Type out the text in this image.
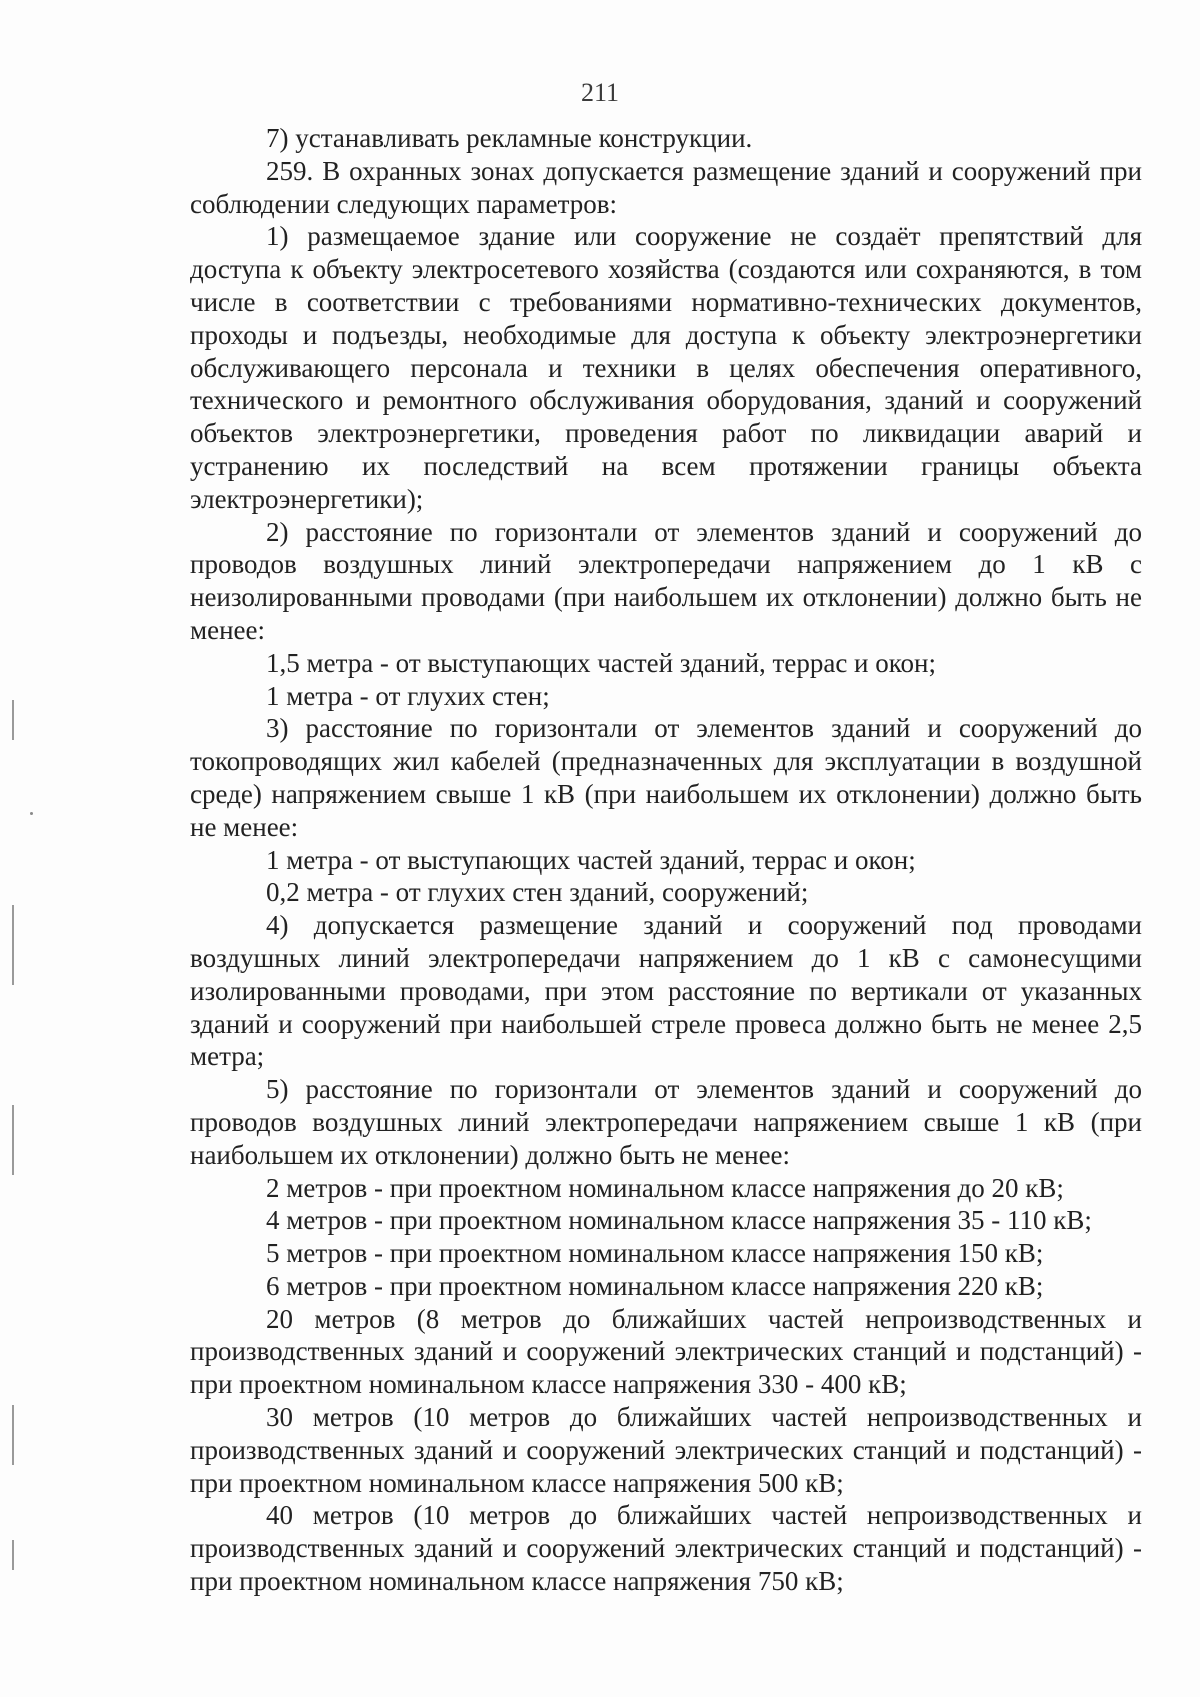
211

7) устанавливать рекламные конструкции.

259. В охранных зонах допускается размещение зданий и сооружений при соблюдении следующих параметров:

1) размещаемое здание или сооружение не создаёт препятствий для доступа к объекту электросетевого хозяйства (создаются или сохраняются, в том числе в соответствии с требованиями нормативно-технических документов, проходы и подъезды, необходимые для доступа к объекту электроэнергетики обслуживающего персонала и техники в целях обеспечения оперативного, технического и ремонтного обслуживания оборудования, зданий и сооружений объектов электроэнергетики, проведения работ по ликвидации аварий и устранению их последствий на всем протяжении границы объекта электроэнергетики);

2) расстояние по горизонтали от элементов зданий и сооружений до проводов воздушных линий электропередачи напряжением до 1 кВ с неизолированными проводами (при наибольшем их отклонении) должно быть не менее:

1,5 метра - от выступающих частей зданий, террас и окон;

1 метра - от глухих стен;

3) расстояние по горизонтали от элементов зданий и сооружений до токопроводящих жил кабелей (предназначенных для эксплуатации в воздушной среде) напряжением свыше 1 кВ (при наибольшем их отклонении) должно быть не менее:

1 метра - от выступающих частей зданий, террас и окон;

0,2 метра - от глухих стен зданий, сооружений;

4) допускается размещение зданий и сооружений под проводами воздушных линий электропередачи напряжением до 1 кВ с самонесущими изолированными проводами, при этом расстояние по вертикали от указанных зданий и сооружений при наибольшей стреле провеса должно быть не менее 2,5 метра;

5) расстояние по горизонтали от элементов зданий и сооружений до проводов воздушных линий электропередачи напряжением свыше 1 кВ (при наибольшем их отклонении) должно быть не менее:

2 метров - при проектном номинальном классе напряжения до 20 кВ;

4 метров - при проектном номинальном классе напряжения 35 - 110 кВ;

5 метров - при проектном номинальном классе напряжения 150 кВ;

6 метров - при проектном номинальном классе напряжения 220 кВ;

20 метров (8 метров до ближайших частей непроизводственных и производственных зданий и сооружений электрических станций и подстанций) - при проектном номинальном классе напряжения 330 - 400 кВ;

30 метров (10 метров до ближайших частей непроизводственных и производственных зданий и сооружений электрических станций и подстанций) - при проектном номинальном классе напряжения 500 кВ;

40 метров (10 метров до ближайших частей непроизводственных и производственных зданий и сооружений электрических станций и подстанций) - при проектном номинальном классе напряжения 750 кВ;
